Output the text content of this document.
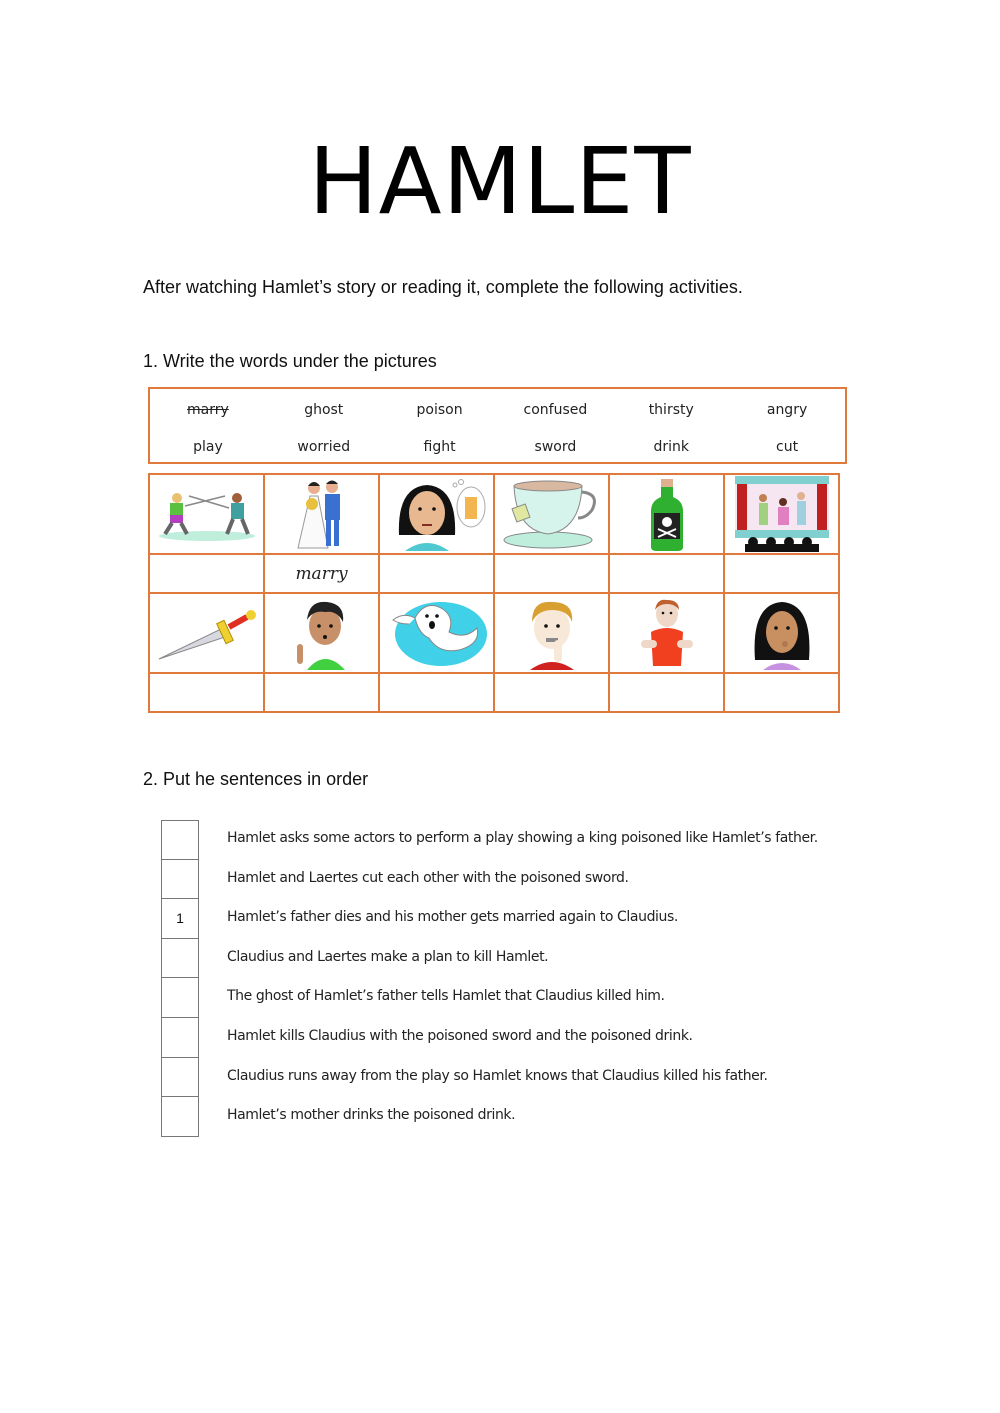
HAMLET
After watching Hamlet’s story or reading it, complete the following activities.
1. Write the words under the pictures
marry	ghost	poison	confused	thirsty	angry
play	worried	fight	sword	drink	cut

	marry				

2. Put he sentences in order
Hamlet asks some actors to perform a play showing a king poisoned like Hamlet’s father.
Hamlet and Laertes cut each other with the poisoned sword.
1	Hamlet’s father dies and his mother gets married again to Claudius.
Claudius and Laertes make a plan to kill Hamlet.
The ghost of Hamlet’s father tells Hamlet that Claudius killed him.
Hamlet kills Claudius with the poisoned sword and the poisoned drink.
Claudius runs away from the play so Hamlet knows that Claudius killed his father.
Hamlet’s mother drinks the poisoned drink.
